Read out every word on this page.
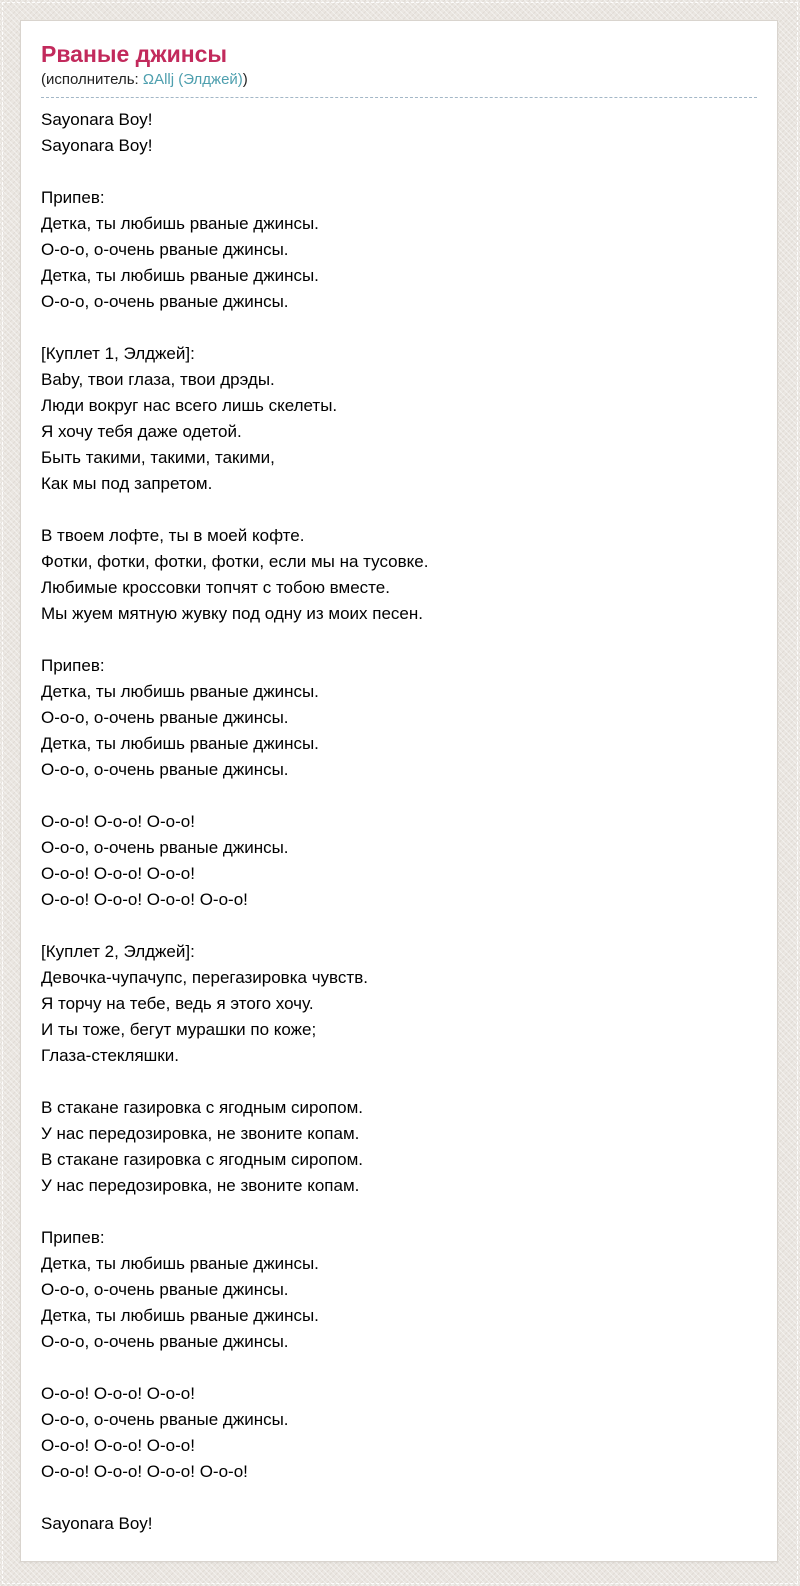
Рваные джинсы
(исполнитель: ΩAllj (Элджей))
Sayonara Boy!
Sayonara Boy!
Припев:
Детка, ты любишь рваные джинсы.
О-о-о, о-очень рваные джинсы.
Детка, ты любишь рваные джинсы.
О-о-о, о-очень рваные джинсы.
[Куплет 1, Элджей]:
Baby, твои глаза, твои дрэды.
Люди вокруг нас всего лишь скелеты.
Я хочу тебя даже одетой.
Быть такими, такими, такими,
Как мы под запретом.
В твоем лофте, ты в моей кофте.
Фотки, фотки, фотки, фотки, если мы на тусовке.
Любимые кроссовки топчят с тобою вместе.
Мы жуем мятную жувку под одну из моих песен.
Припев:
Детка, ты любишь рваные джинсы.
О-о-о, о-очень рваные джинсы.
Детка, ты любишь рваные джинсы.
О-о-о, о-очень рваные джинсы.
О-о-о! О-о-о! О-о-о!
О-о-о, о-очень рваные джинсы.
О-о-о! О-о-о! О-о-о!
О-о-о! О-о-о! О-о-о! О-о-о!
[Куплет 2, Элджей]:
Девочка-чупачупс, перегазировка чувств.
Я торчу на тебе, ведь я этого хочу.
И ты тоже, бегут мурашки по коже;
Глаза-стекляшки.
В стакане газировка с ягодным сиропом.
У нас передозировка, не звоните копам.
В стакане газировка с ягодным сиропом.
У нас передозировка, не звоните копам.
Припев:
Детка, ты любишь рваные джинсы.
О-о-о, о-очень рваные джинсы.
Детка, ты любишь рваные джинсы.
О-о-о, о-очень рваные джинсы.
О-о-о! О-о-о! О-о-о!
О-о-о, о-очень рваные джинсы.
О-о-о! О-о-о! О-о-о!
О-о-о! О-о-о! О-о-о! О-о-о!
Sayonara Boy!
